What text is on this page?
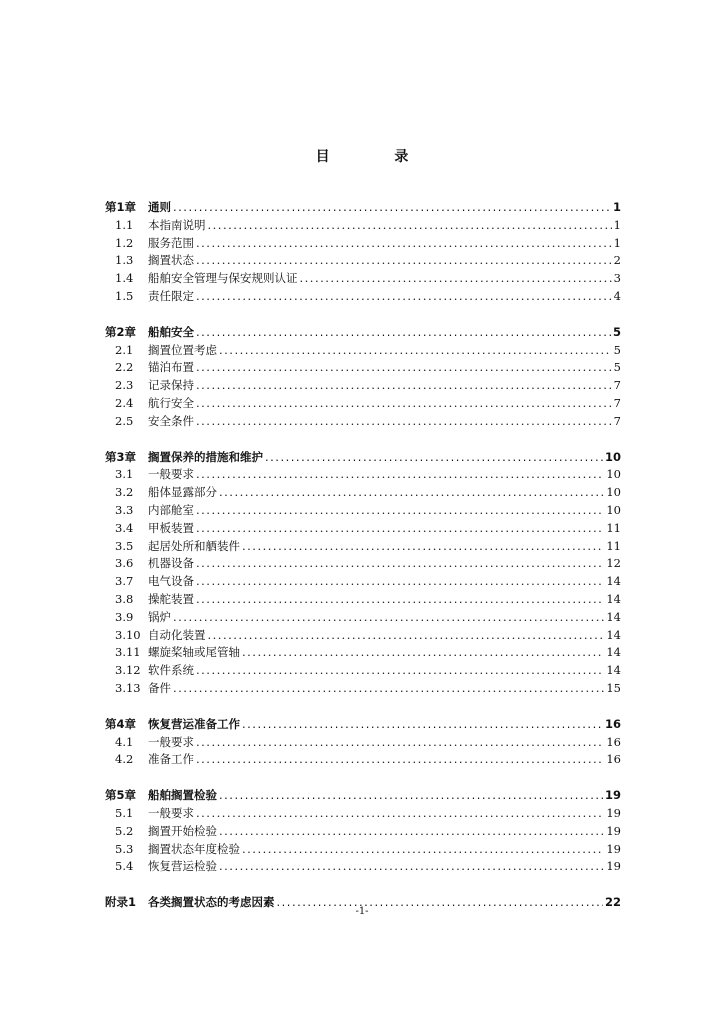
目 录
第1章	通则 .....	1
1.1	本指南说明 .....	1
1.2	服务范围 .....	1
1.3	搁置状态 .....	2
1.4	船舶安全管理与保安规则认证 .....	3
1.5	责任限定 .....	4
第2章	船舶安全 .....	5
2.1	搁置位置考虑 .....	5
2.2	锚泊布置 .....	5
2.3	记录保持 .....	7
2.4	航行安全 .....	7
2.5	安全条件 .....	7
第3章	搁置保养的措施和维护 .....	10
3.1	一般要求 .....	10
3.2	船体显露部分 .....	10
3.3	内部舱室 .....	10
3.4	甲板装置 .....	11
3.5	起居处所和舾装件 .....	11
3.6	机器设备 .....	12
3.7	电气设备 .....	14
3.8	操舵装置 .....	14
3.9	锅炉 .....	14
3.10 自动化装置 .....	14
3.11 螺旋桨轴或尾管轴 .....	14
3.12 软件系统 .....	14
3.13 备件 .....	15
第4章	恢复营运准备工作 .....	16
4.1	一般要求 .....	16
4.2	准备工作 .....	16
第5章	船舶搁置检验 .....	19
5.1	一般要求 .....	19
5.2	搁置开始检验 .....	19
5.3	搁置状态年度检验 .....	19
5.4	恢复营运检验 .....	19
附录1	各类搁置状态的考虑因素 .....	22
-1-
